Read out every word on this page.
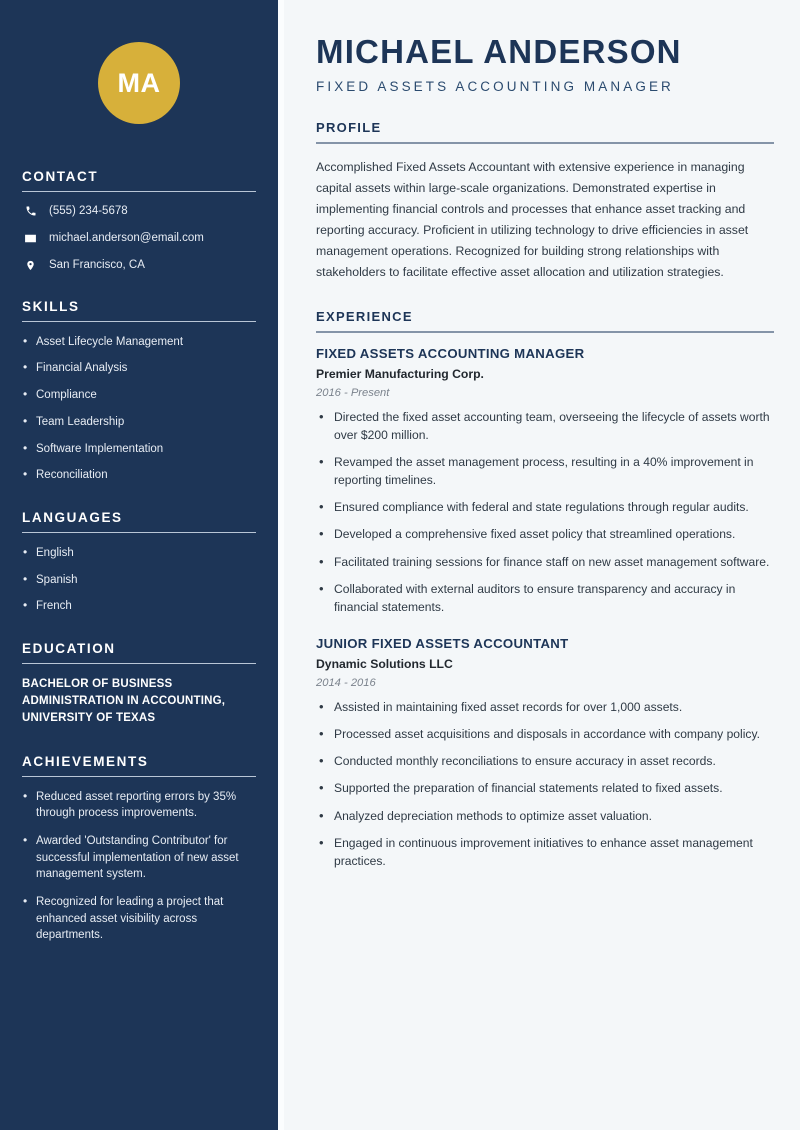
MA
CONTACT
(555) 234-5678
michael.anderson@email.com
San Francisco, CA
SKILLS
• Asset Lifecycle Management
• Financial Analysis
• Compliance
• Team Leadership
• Software Implementation
• Reconciliation
LANGUAGES
• English
• Spanish
• French
EDUCATION
BACHELOR OF BUSINESS ADMINISTRATION IN ACCOUNTING, UNIVERSITY OF TEXAS
ACHIEVEMENTS
• Reduced asset reporting errors by 35% through process improvements.
• Awarded 'Outstanding Contributor' for successful implementation of new asset management system.
• Recognized for leading a project that enhanced asset visibility across departments.
MICHAEL ANDERSON
FIXED ASSETS ACCOUNTING MANAGER
PROFILE

Accomplished Fixed Assets Accountant with extensive experience in managing capital assets within large-scale organizations. Demonstrated expertise in implementing financial controls and processes that enhance asset tracking and reporting accuracy. Proficient in utilizing technology to drive efficiencies in asset management operations. Recognized for building strong relationships with stakeholders to facilitate effective asset allocation and utilization strategies.

EXPERIENCE
FIXED ASSETS ACCOUNTING MANAGER
Premier Manufacturing Corp.
2016 - Present
• Directed the fixed asset accounting team, overseeing the lifecycle of assets worth over $200 million.
• Revamped the asset management process, resulting in a 40% improvement in reporting timelines.
• Ensured compliance with federal and state regulations through regular audits.
• Developed a comprehensive fixed asset policy that streamlined operations.
• Facilitated training sessions for finance staff on new asset management software.
• Collaborated with external auditors to ensure transparency and accuracy in financial statements.
JUNIOR FIXED ASSETS ACCOUNTANT
Dynamic Solutions LLC
2014 - 2016
• Assisted in maintaining fixed asset records for over 1,000 assets.
• Processed asset acquisitions and disposals in accordance with company policy.
• Conducted monthly reconciliations to ensure accuracy in asset records.
• Supported the preparation of financial statements related to fixed assets.
• Analyzed depreciation methods to optimize asset valuation.
• Engaged in continuous improvement initiatives to enhance asset management practices.
